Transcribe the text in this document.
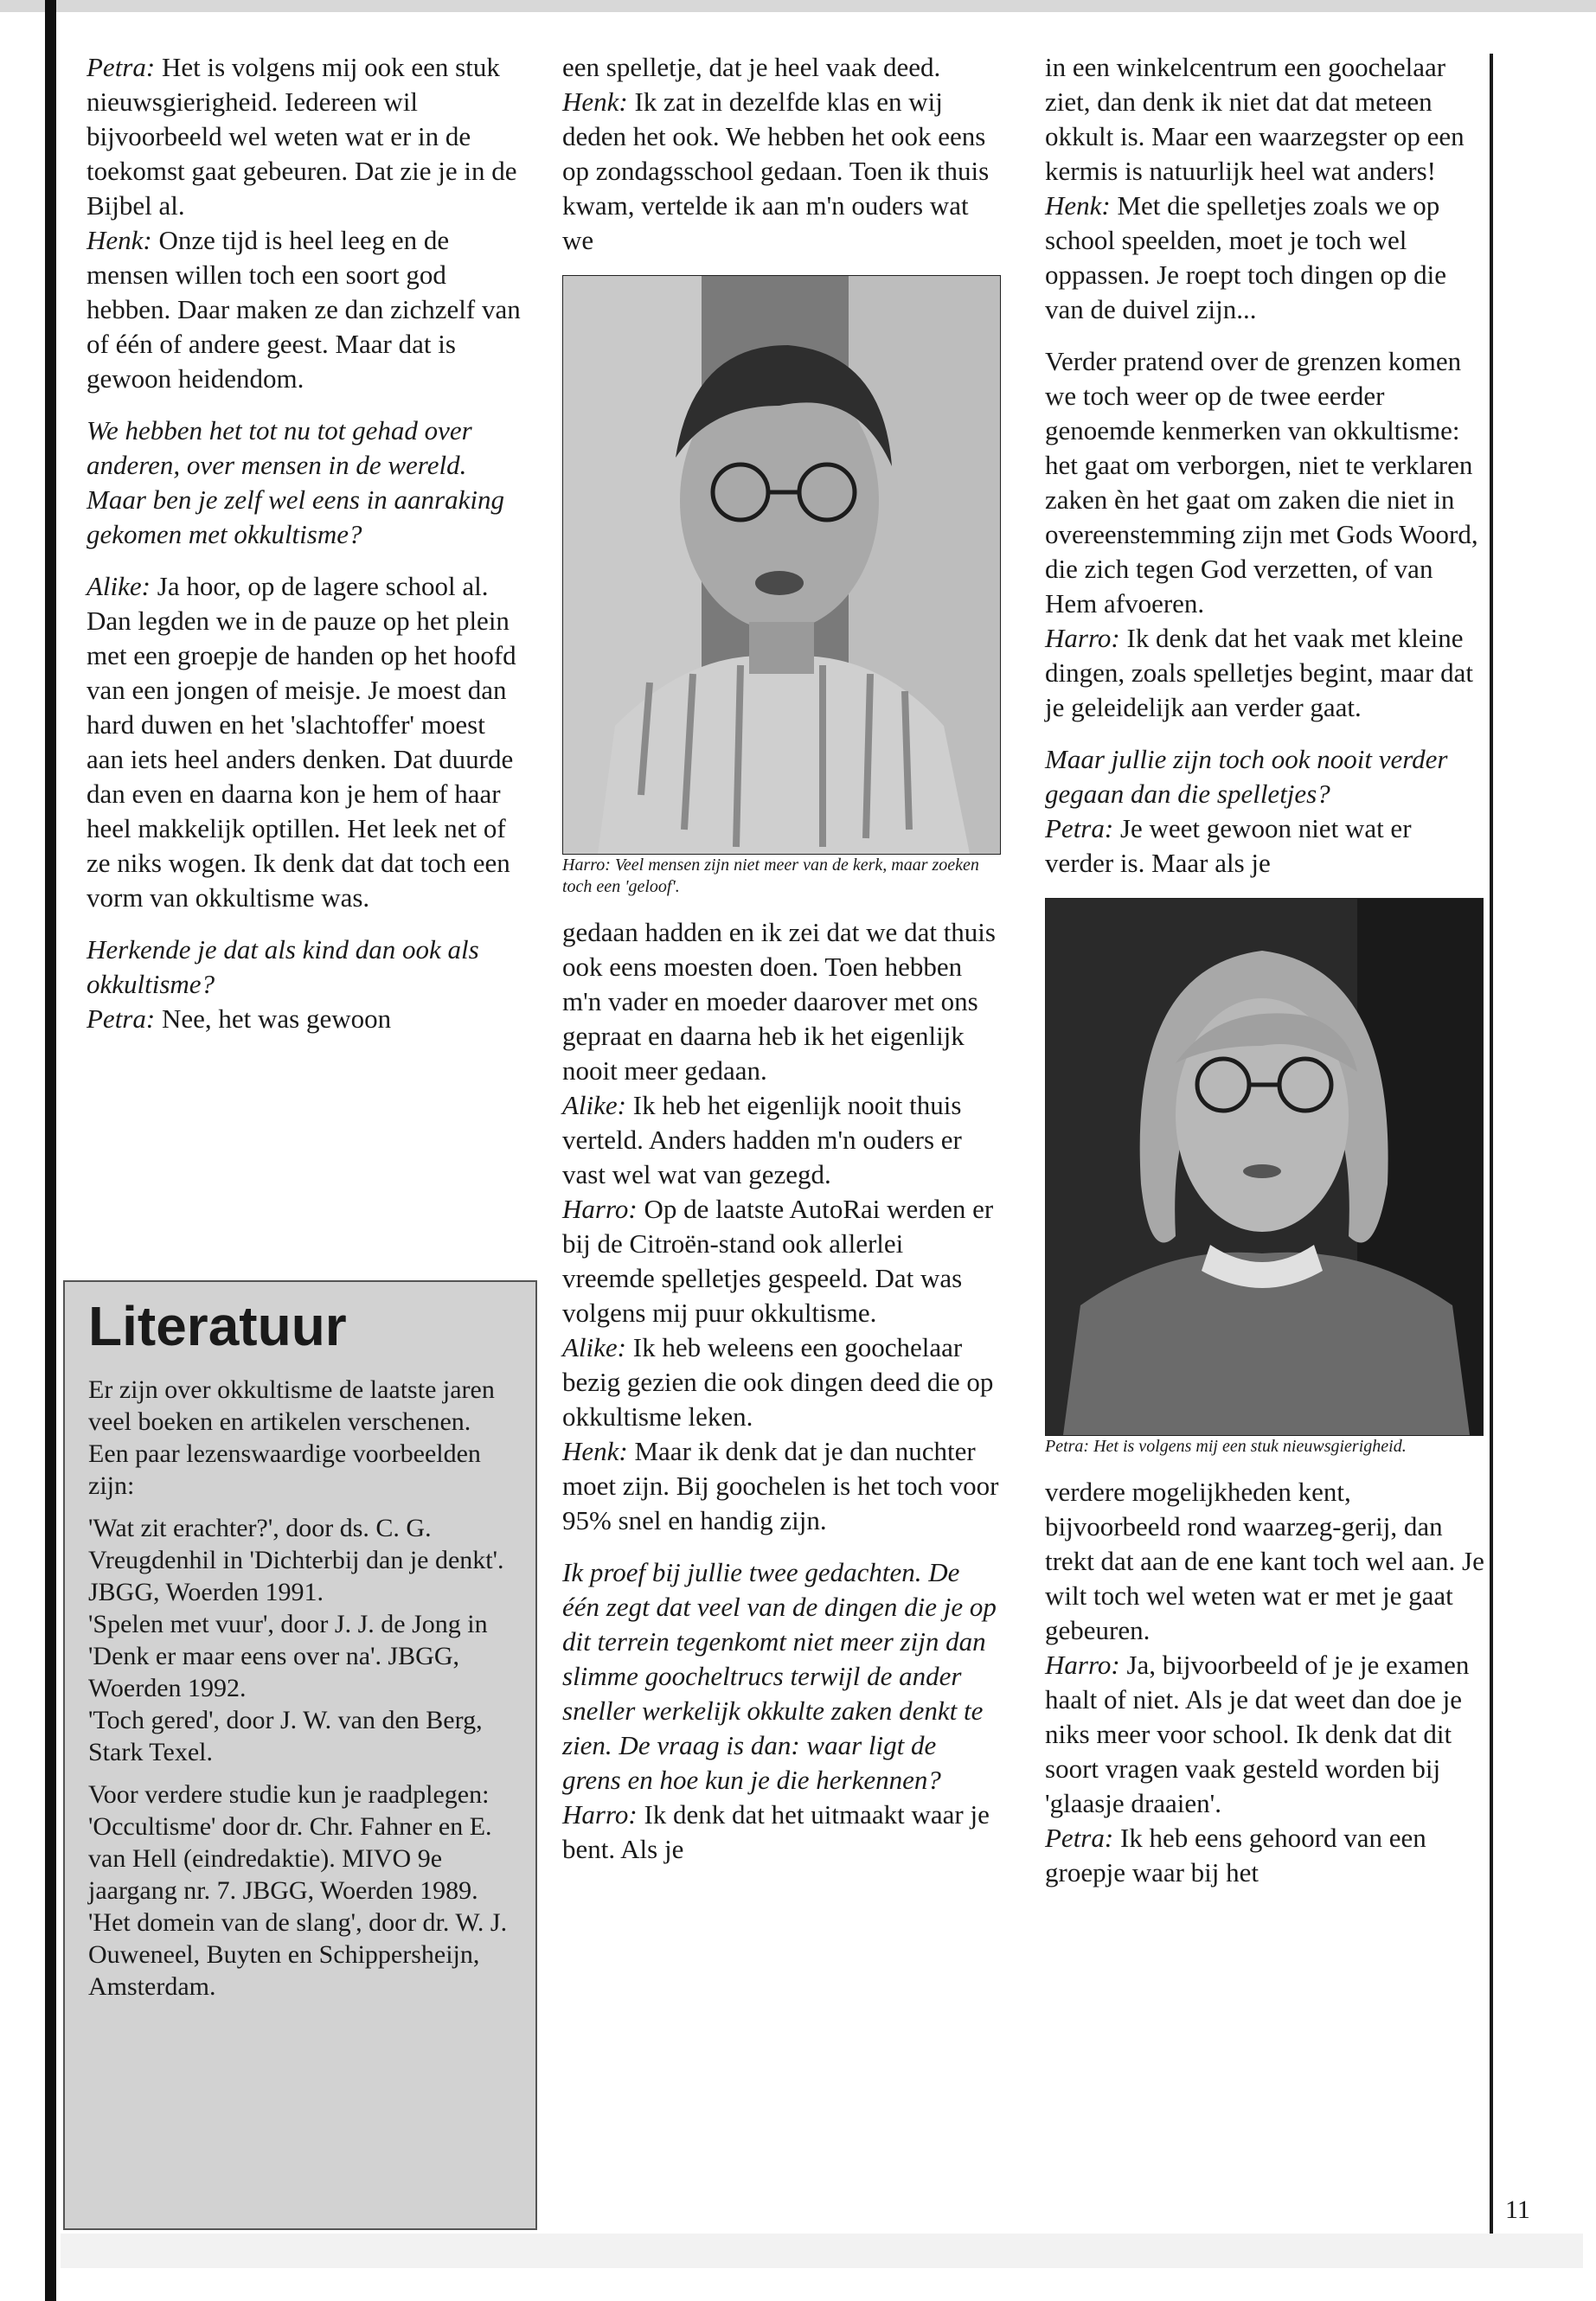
Petra: Het is volgens mij ook een stuk nieuwsgierigheid. Iedereen wil bijvoorbeeld wel weten wat er in de toekomst gaat gebeuren. Dat zie je in de Bijbel al.
Henk: Onze tijd is heel leeg en de mensen willen toch een soort god hebben. Daar maken ze dan zichzelf van of één of andere geest. Maar dat is gewoon heidendom.

We hebben het tot nu tot gehad over anderen, over mensen in de wereld. Maar ben je zelf wel eens in aanraking gekomen met okkultisme?

Alike: Ja hoor, op de lagere school al. Dan legden we in de pauze op het plein met een groepje de handen op het hoofd van een jongen of meisje. Je moest dan hard duwen en het 'slachtoffer' moest aan iets heel anders denken. Dat duurde dan even en daarna kon je hem of haar heel makkelijk optillen. Het leek net of ze niks wogen. Ik denk dat dat toch een vorm van okkultisme was.

Herkende je dat als kind dan ook als okkultisme?
Petra: Nee, het was gewoon

Literatuur

Er zijn over okkultisme de laatste jaren veel boeken en artikelen verschenen. Een paar lezenswaardige voorbeelden zijn:

'Wat zit erachter?', door ds. C. G. Vreugdenhil in 'Dichterbij dan je denkt'. JBGG, Woerden 1991.
'Spelen met vuur', door J. J. de Jong in 'Denk er maar eens over na'. JBGG, Woerden 1992.
'Toch gered', door J. W. van den Berg, Stark Texel.

Voor verdere studie kun je raadplegen:
'Occultisme' door dr. Chr. Fahner en E. van Hell (eindredaktie). MIVO 9e jaargang nr. 7. JBGG, Woerden 1989.
'Het domein van de slang', door dr. W. J. Ouweneel, Buyten en Schippersheijn, Amsterdam.

een spelletje, dat je heel vaak deed.
Henk: Ik zat in dezelfde klas en wij deden het ook. We hebben het ook eens op zondagsschool gedaan. Toen ik thuis kwam, vertelde ik aan m'n ouders wat we

Harro: Veel mensen zijn niet meer van de kerk, maar zoeken toch een 'geloof'.

gedaan hadden en ik zei dat we dat thuis ook eens moesten doen. Toen hebben m'n vader en moeder daarover met ons gepraat en daarna heb ik het eigenlijk nooit meer gedaan.
Alike: Ik heb het eigenlijk nooit thuis verteld. Anders hadden m'n ouders er vast wel wat van gezegd.
Harro: Op de laatste AutoRai werden er bij de Citroën-stand ook allerlei vreemde spelletjes gespeeld. Dat was volgens mij puur okkultisme.
Alike: Ik heb weleens een goochelaar bezig gezien die ook dingen deed die op okkultisme leken.
Henk: Maar ik denk dat je dan nuchter moet zijn. Bij goochelen is het toch voor 95% snel en handig zijn.

Ik proef bij jullie twee gedachten. De één zegt dat veel van de dingen die je op dit terrein tegenkomt niet meer zijn dan slimme goocheltrucs terwijl de ander sneller werkelijk okkulte zaken denkt te zien. De vraag is dan: waar ligt de grens en hoe kun je die herkennen?
Harro: Ik denk dat het uitmaakt waar je bent. Als je

in een winkelcentrum een goochelaar ziet, dan denk ik niet dat dat meteen okkult is. Maar een waarzegster op een kermis is natuurlijk heel wat anders!
Henk: Met die spelletjes zoals we op school speelden, moet je toch wel oppassen. Je roept toch dingen op die van de duivel zijn...

Verder pratend over de grenzen komen we toch weer op de twee eerder genoemde kenmerken van okkultisme: het gaat om verborgen, niet te verklaren zaken èn het gaat om zaken die niet in overeenstemming zijn met Gods Woord, die zich tegen God verzetten, of van Hem afvoeren.
Harro: Ik denk dat het vaak met kleine dingen, zoals spelletjes begint, maar dat je geleidelijk aan verder gaat.

Maar jullie zijn toch ook nooit verder gegaan dan die spelletjes?
Petra: Je weet gewoon niet wat er verder is. Maar als je

Petra: Het is volgens mij een stuk nieuwsgierigheid.

verdere mogelijkheden kent, bijvoorbeeld rond waarzeg-gerij, dan trekt dat aan de ene kant toch wel aan. Je wilt toch wel weten wat er met je gaat gebeuren.
Harro: Ja, bijvoorbeeld of je je examen haalt of niet. Als je dat weet dan doe je niks meer voor school. Ik denk dat dit soort vragen vaak gesteld worden bij 'glaasje draaien'.
Petra: Ik heb eens gehoord van een groepje waar bij het

11
